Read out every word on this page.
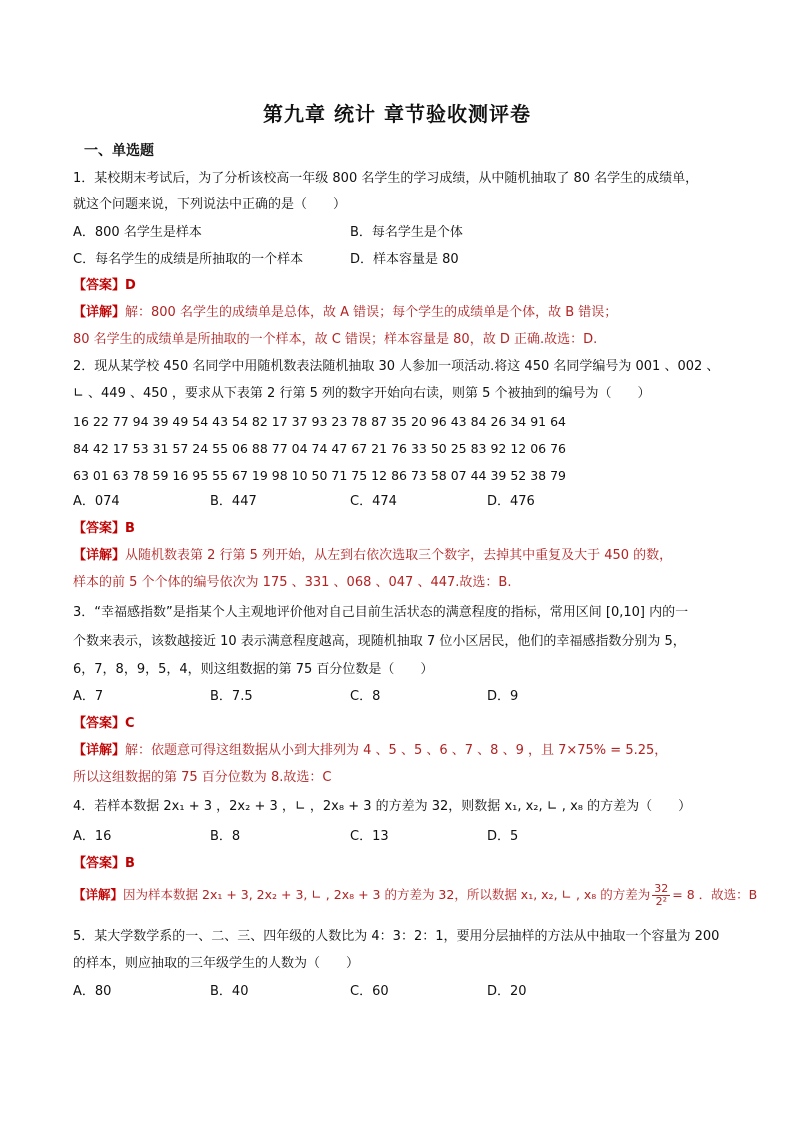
第九章 统计 章节验收测评卷
一、单选题
1．某校期末考试后，为了分析该校高一年级 800 名学生的学习成绩，从中随机抽取了 80 名学生的成绩单，
就这个问题来说，下列说法中正确的是（　　）
A．800 名学生是样本	B．每名学生是个体
C．每名学生的成绩是所抽取的一个样本	D．样本容量是 80
【答案】D
【详解】解：800 名学生的成绩单是总体，故 A 错误；每个学生的成绩单是个体，故 B 错误；
80 名学生的成绩单是所抽取的一个样本，故 C 错误；样本容量是 80，故 D 正确.故选：D.
2．现从某学校 450 名同学中用随机数表法随机抽取 30 人参加一项活动.将这 450 名同学编号为 001 、002 、
∟ 、449 、450 ，要求从下表第 2 行第 5 列的数字开始向右读，则第 5 个被抽到的编号为（　　）
16 22 77 94 39 49 54 43 54 82 17 37 93 23 78 87 35 20 96 43 84 26 34 91 64
84 42 17 53 31 57 24 55 06 88 77 04 74 47 67 21 76 33 50 25 83 92 12 06 76
63 01 63 78 59 16 95 55 67 19 98 10 50 71 75 12 86 73 58 07 44 39 52 38 79
A．074	B．447	C．474	D．476
【答案】B
【详解】从随机数表第 2 行第 5 列开始，从左到右依次选取三个数字，去掉其中重复及大于 450 的数，
样本的前 5 个个体的编号依次为 175 、331 、068 、047 、447.故选：B.
3．“幸福感指数”是指某个人主观地评价他对自己目前生活状态的满意程度的指标，常用区间 [0,10] 内的一
个数来表示，该数越接近 10 表示满意程度越高，现随机抽取 7 位小区居民，他们的幸福感指数分别为 5，
6，7，8，9，5，4，则这组数据的第 75 百分位数是（　　）
A．7	B．7.5	C．8	D．9
【答案】C
【详解】解：依题意可得这组数据从小到大排列为 4 、5 、5 、6 、7 、8 、9 ，且 7×75% = 5.25，
所以这组数据的第 75 百分位数为 8.故选：C
4．若样本数据 2x₁ + 3 ，2x₂ + 3 ，∟ ，2x₈ + 3 的方差为 32，则数据 x₁, x₂, ∟ , x₈ 的方差为（　　）
A．16	B．8	C．13	D．5
【答案】B
【详解】因为样本数据 2x₁ + 3, 2x₂ + 3, ∟ , 2x₈ + 3 的方差为 32，所以数据 x₁, x₂, ∟ , x₈ 的方差为 $\frac{32}{\text{2²}} = 8$ ．故选：B
5．某大学数学系的一、二、三、四年级的人数比为 4：3：2：1，要用分层抽样的方法从中抽取一个容量为 200
的样本，则应抽取的三年级学生的人数为（　　）
A．80	B．40	C．60	D．20
